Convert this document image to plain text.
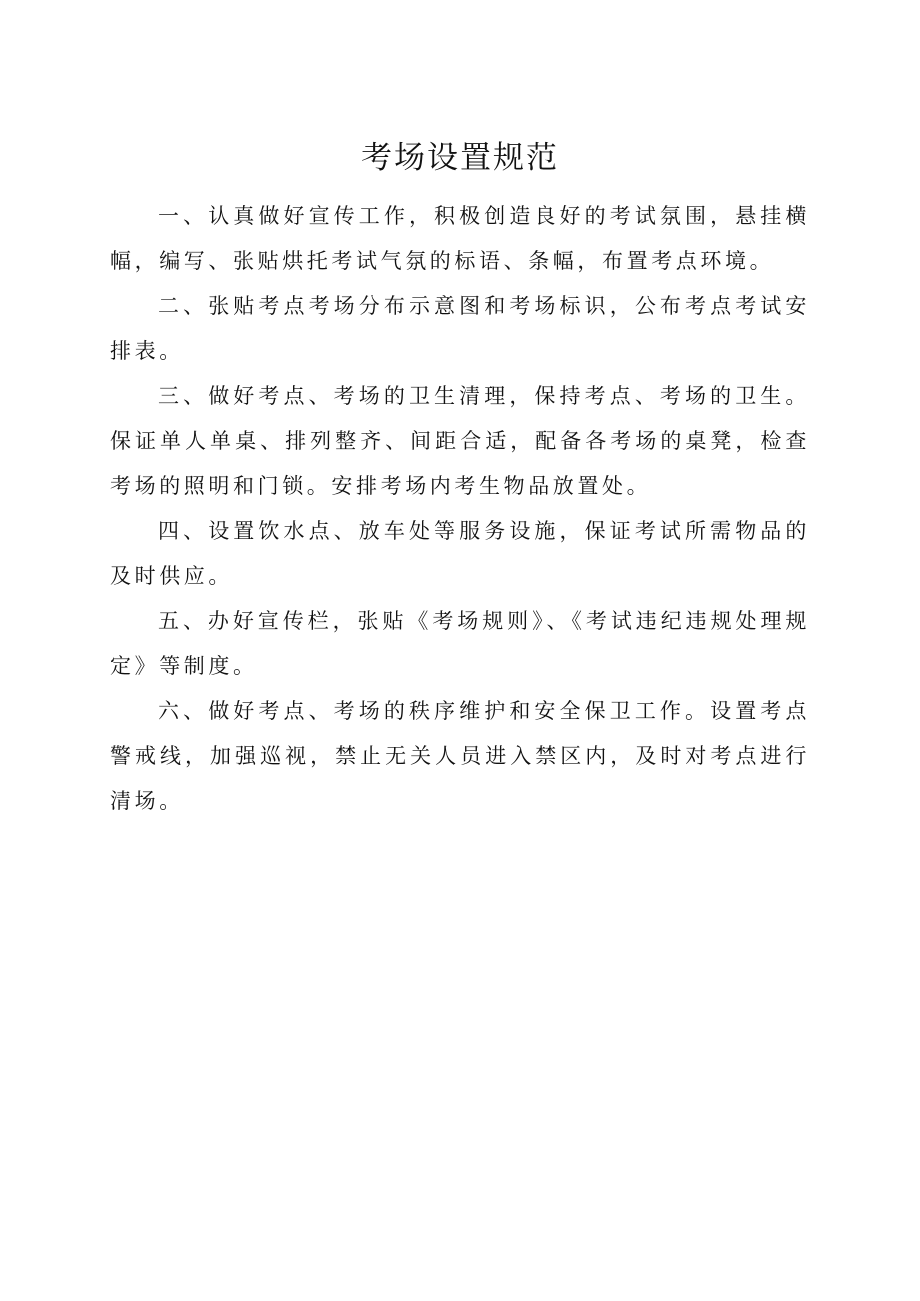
考场设置规范

一、认真做好宣传工作，积极创造良好的考试氛围，悬挂横幅，编写、张贴烘托考试气氛的标语、条幅，布置考点环境。

二、张贴考点考场分布示意图和考场标识，公布考点考试安排表。

三、做好考点、考场的卫生清理，保持考点、考场的卫生。保证单人单桌、排列整齐、间距合适，配备各考场的桌凳，检查考场的照明和门锁。安排考场内考生物品放置处。

四、设置饮水点、放车处等服务设施，保证考试所需物品的及时供应。

五、办好宣传栏，张贴《考场规则》、《考试违纪违规处理规定》等制度。

六、做好考点、考场的秩序维护和安全保卫工作。设置考点警戒线，加强巡视，禁止无关人员进入禁区内，及时对考点进行清场。
